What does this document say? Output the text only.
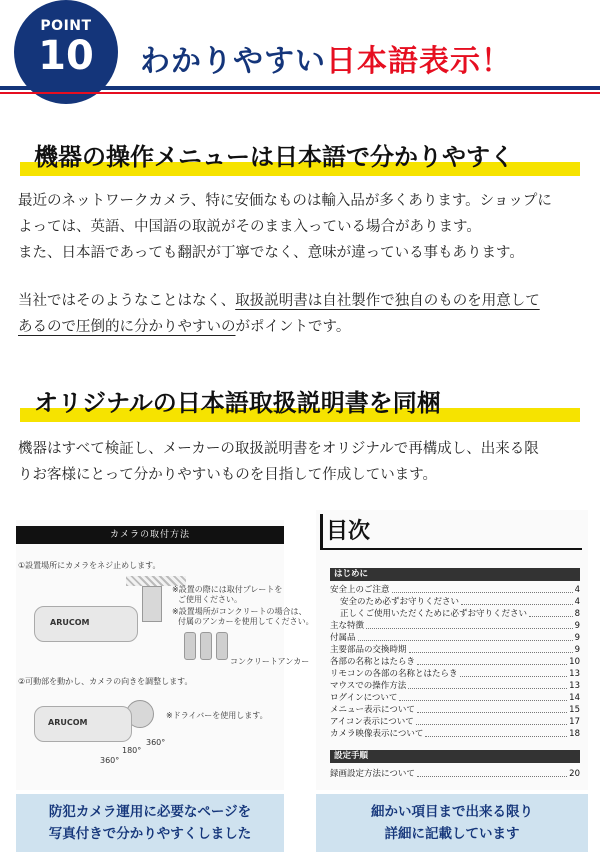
POINT
10	わかりやすい日本語表示！
機器の操作メニューは日本語で分かりやすく
最近のネットワークカメラ、特に安価なものは輸入品が多くあります。ショップに
よっては、英語、中国語の取説がそのまま入っている場合があります。
また、日本語であっても翻訳が丁寧でなく、意味が違っている事もあります。
当社ではそのようなことはなく、取扱説明書は自社製作で独自のものを用意して
あるので圧倒的に分かりやすいのがポイントです。
オリジナルの日本語取扱説明書を同梱
機器はすべて検証し、メーカーの取扱説明書をオリジナルで再構成し、出来る限
りお客様にとって分かりやすいものを目指して作成しています。
カメラの取付方法
①設置場所にカメラをネジ止めします。
ARUCOM
※設置の際には取付プレートを
ご使用ください。
※設置場所がコンクリートの場合は、
付属のアンカーを使用してください。
コンクリートアンカー
②可動部を動かし、カメラの向きを調整します。
ARUCOM
※ドライバーを使用します。
360°
180°
360°
目次
はじめに
安全上のご注意	4
安全のため必ずお守りください	4
正しくご使用いただくために必ずお守りください	8
主な特徴	9
付属品	9
主要部品の交換時期	9
各部の名称とはたらき	10
リモコンの各部の名称とはたらき	13
マウスでの操作方法	13
ログインについて	14
メニュー表示について	15
アイコン表示について	17
カメラ映像表示について	18
設定手順
録画設定方法について	20
防犯カメラ運用に必要なページを
写真付きで分かりやすくしました
細かい項目まで出来る限り
詳細に記載しています
